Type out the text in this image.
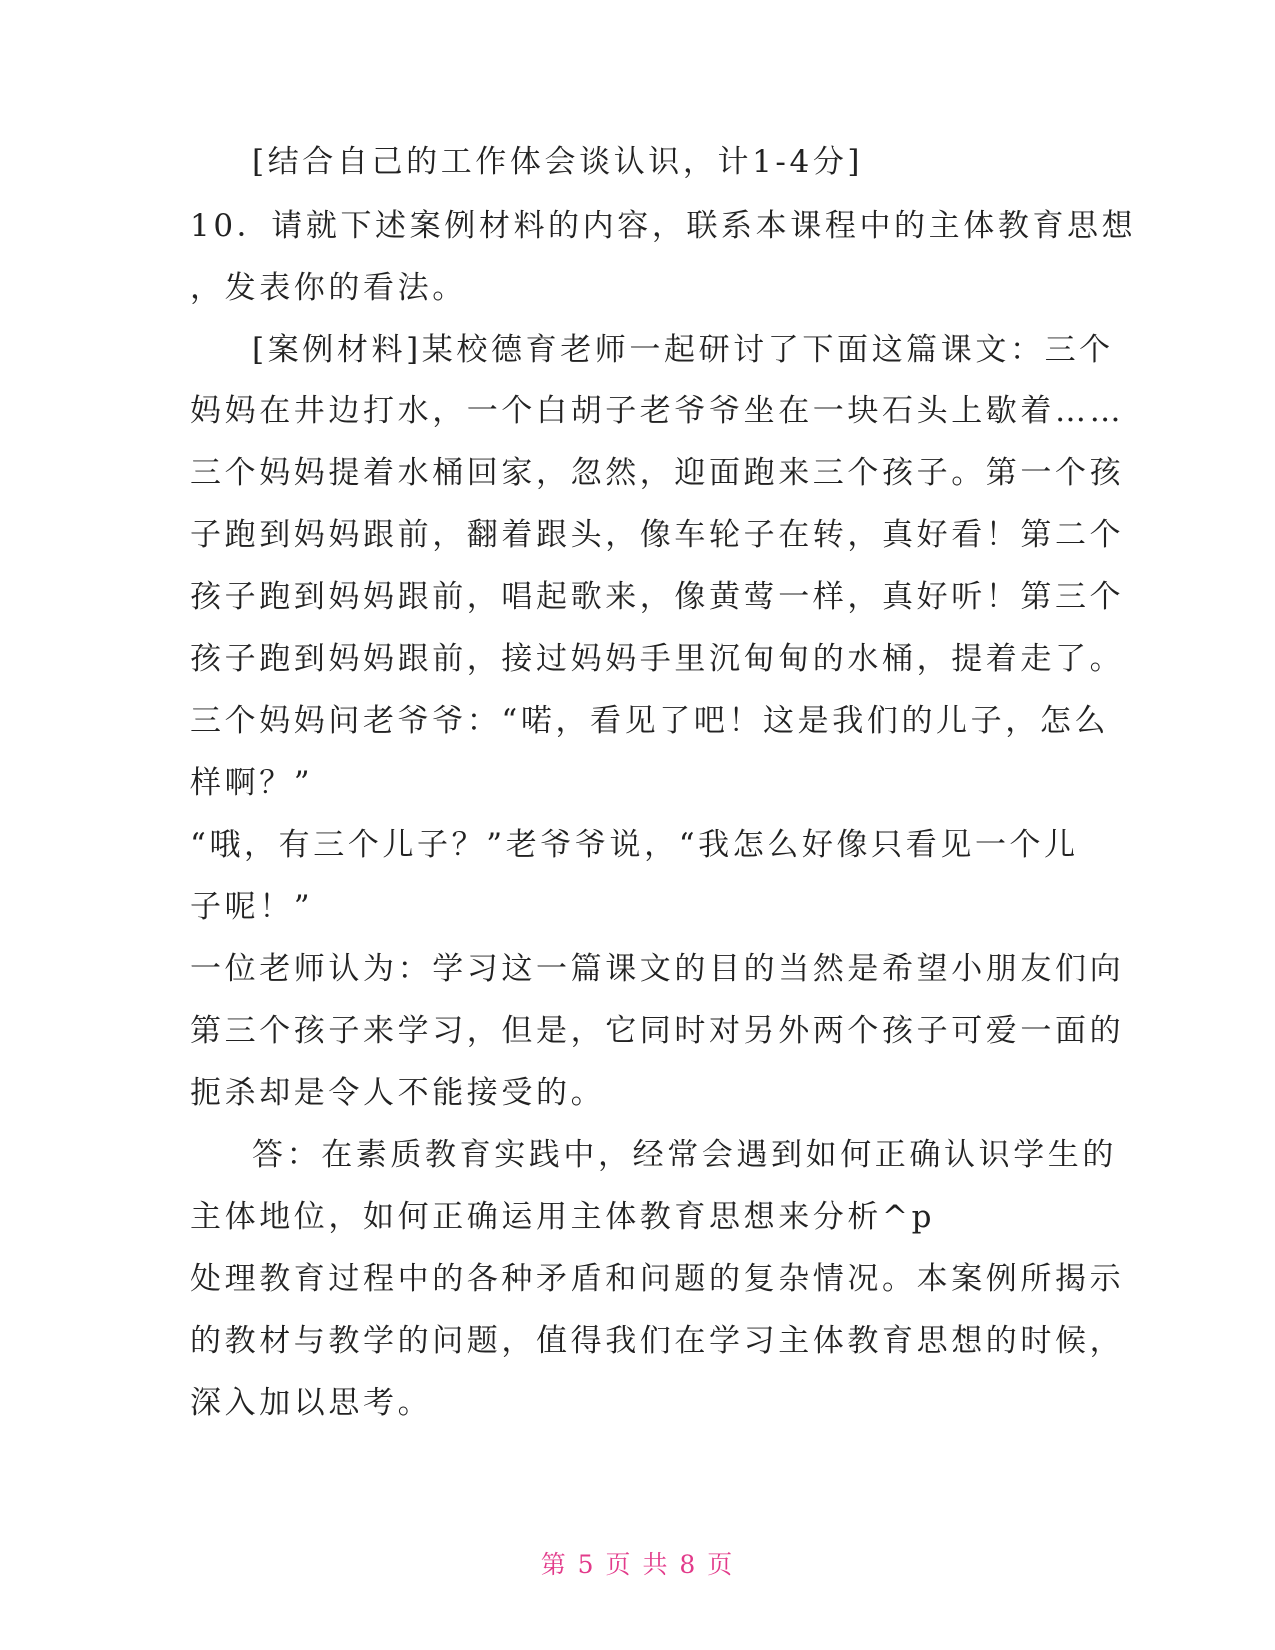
[结合自己的工作体会谈认识，计1-4分]
10．请就下述案例材料的内容，联系本课程中的主体教育思想
，发表你的看法。
[案例材料]某校德育老师一起研讨了下面这篇课文：三个
妈妈在井边打水，一个白胡子老爷爷坐在一块石头上歇着……
三个妈妈提着水桶回家，忽然，迎面跑来三个孩子。第一个孩
子跑到妈妈跟前，翻着跟头，像车轮子在转，真好看！第二个
孩子跑到妈妈跟前，唱起歌来，像黄莺一样，真好听！第三个
孩子跑到妈妈跟前，接过妈妈手里沉甸甸的水桶，提着走了。
三个妈妈问老爷爷：“喏，看见了吧！这是我们的儿子，怎么
样啊？”
“哦，有三个儿子？”老爷爷说，“我怎么好像只看见一个儿
子呢！”
一位老师认为：学习这一篇课文的目的当然是希望小朋友们向
第三个孩子来学习，但是，它同时对另外两个孩子可爱一面的
扼杀却是令人不能接受的。
答：在素质教育实践中，经常会遇到如何正确认识学生的
主体地位，如何正确运用主体教育思想来分析^p
处理教育过程中的各种矛盾和问题的复杂情况。本案例所揭示
的教材与教学的问题，值得我们在学习主体教育思想的时候，
深入加以思考。
第 5 页 共 8 页
